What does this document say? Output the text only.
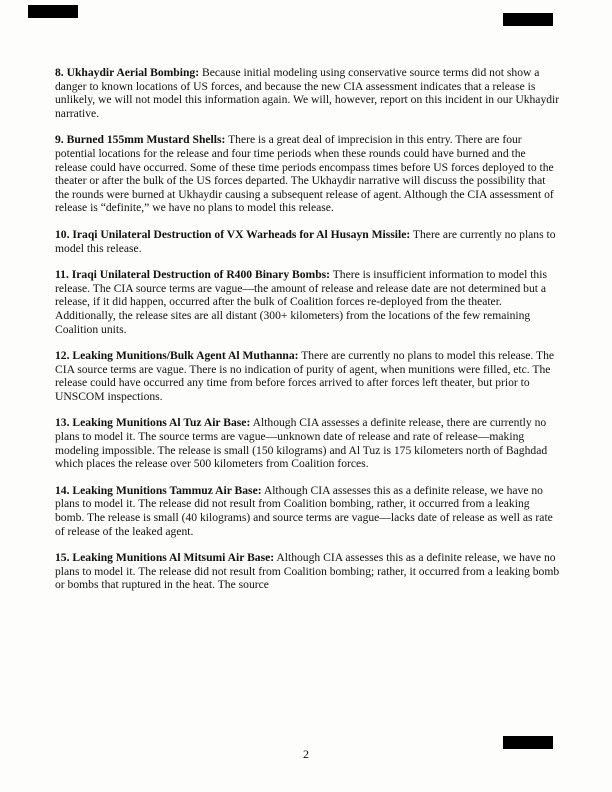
8. Ukhaydir Aerial Bombing: Because initial modeling using conservative source terms did not show a danger to known locations of US forces, and because the new CIA assessment indicates that a release is unlikely, we will not model this information again. We will, however, report on this incident in our Ukhaydir narrative.

9. Burned 155mm Mustard Shells: There is a great deal of imprecision in this entry. There are four potential locations for the release and four time periods when these rounds could have burned and the release could have occurred. Some of these time periods encompass times before US forces deployed to the theater or after the bulk of the US forces departed. The Ukhaydir narrative will discuss the possibility that the rounds were burned at Ukhaydir causing a subsequent release of agent. Although the CIA assessment of release is “definite,” we have no plans to model this release.

10. Iraqi Unilateral Destruction of VX Warheads for Al Husayn Missile: There are currently no plans to model this release.

11. Iraqi Unilateral Destruction of R400 Binary Bombs: There is insufficient information to model this release. The CIA source terms are vague—the amount of release and release date are not determined but a release, if it did happen, occurred after the bulk of Coalition forces re-deployed from the theater. Additionally, the release sites are all distant (300+ kilometers) from the locations of the few remaining Coalition units.

12. Leaking Munitions/Bulk Agent Al Muthanna: There are currently no plans to model this release. The CIA source terms are vague. There is no indication of purity of agent, when munitions were filled, etc. The release could have occurred any time from before forces arrived to after forces left theater, but prior to UNSCOM inspections.

13. Leaking Munitions Al Tuz Air Base: Although CIA assesses a definite release, there are currently no plans to model it. The source terms are vague—unknown date of release and rate of release—making modeling impossible. The release is small (150 kilograms) and Al Tuz is 175 kilometers north of Baghdad which places the release over 500 kilometers from Coalition forces.

14. Leaking Munitions Tammuz Air Base: Although CIA assesses this as a definite release, we have no plans to model it. The release did not result from Coalition bombing, rather, it occurred from a leaking bomb. The release is small (40 kilograms) and source terms are vague—lacks date of release as well as rate of release of the leaked agent.

15. Leaking Munitions Al Mitsumi Air Base: Although CIA assesses this as a definite release, we have no plans to model it. The release did not result from Coalition bombing; rather, it occurred from a leaking bomb or bombs that ruptured in the heat. The source

2
